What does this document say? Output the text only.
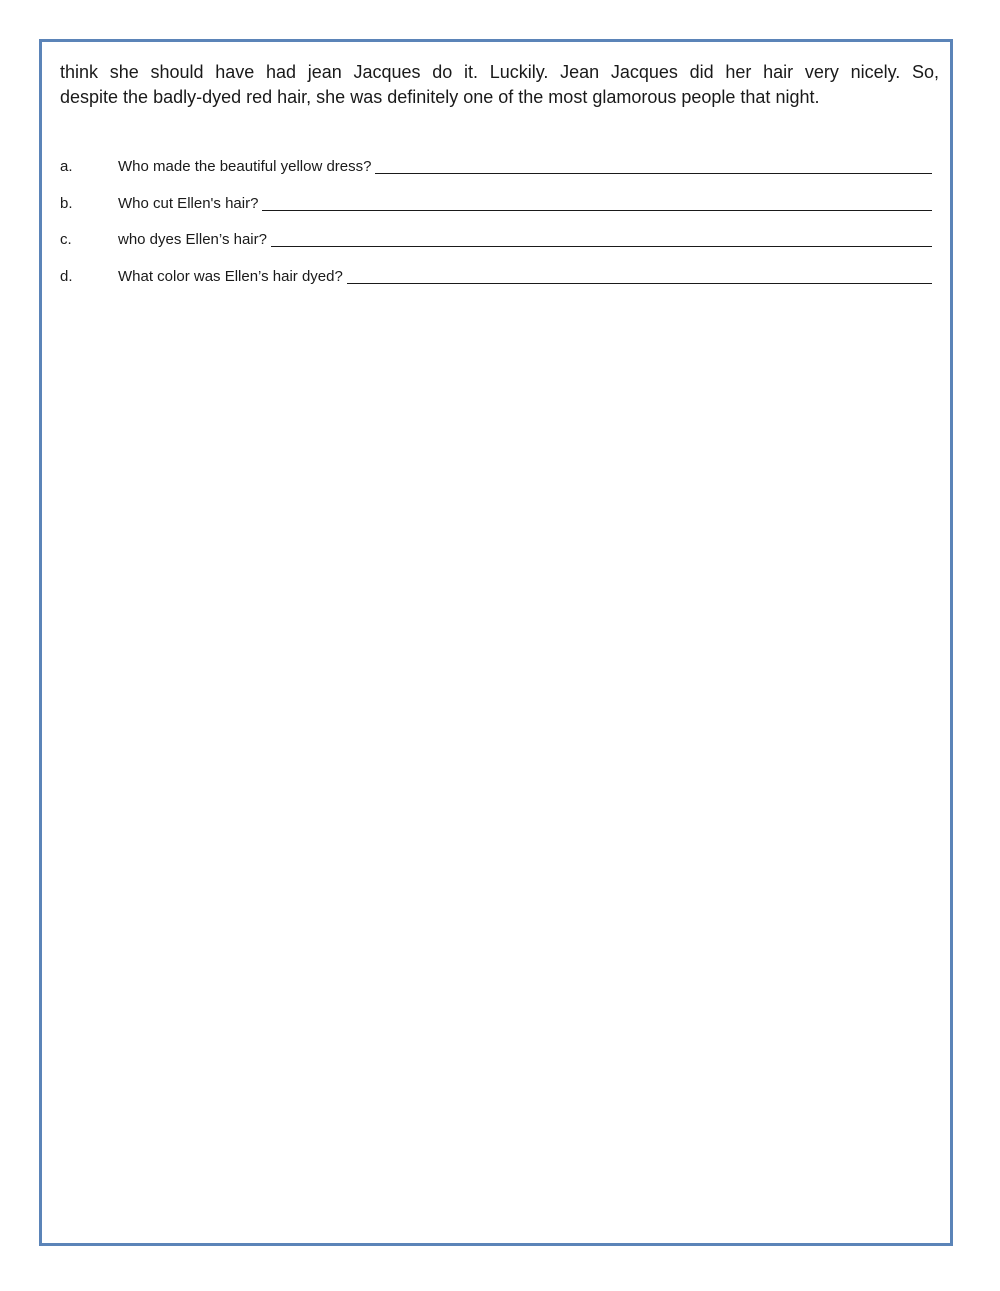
think she should have had jean Jacques do it. Luckily. Jean Jacques did her hair very nicely. So,
despite the badly-dyed red hair, she was definitely one of the most glamorous people that night.

a.	Who made the beautiful yellow dress?
b.	Who cut Ellen's hair?
c.	who dyes Ellen’s hair?
d.	What color was Ellen’s hair dyed?
